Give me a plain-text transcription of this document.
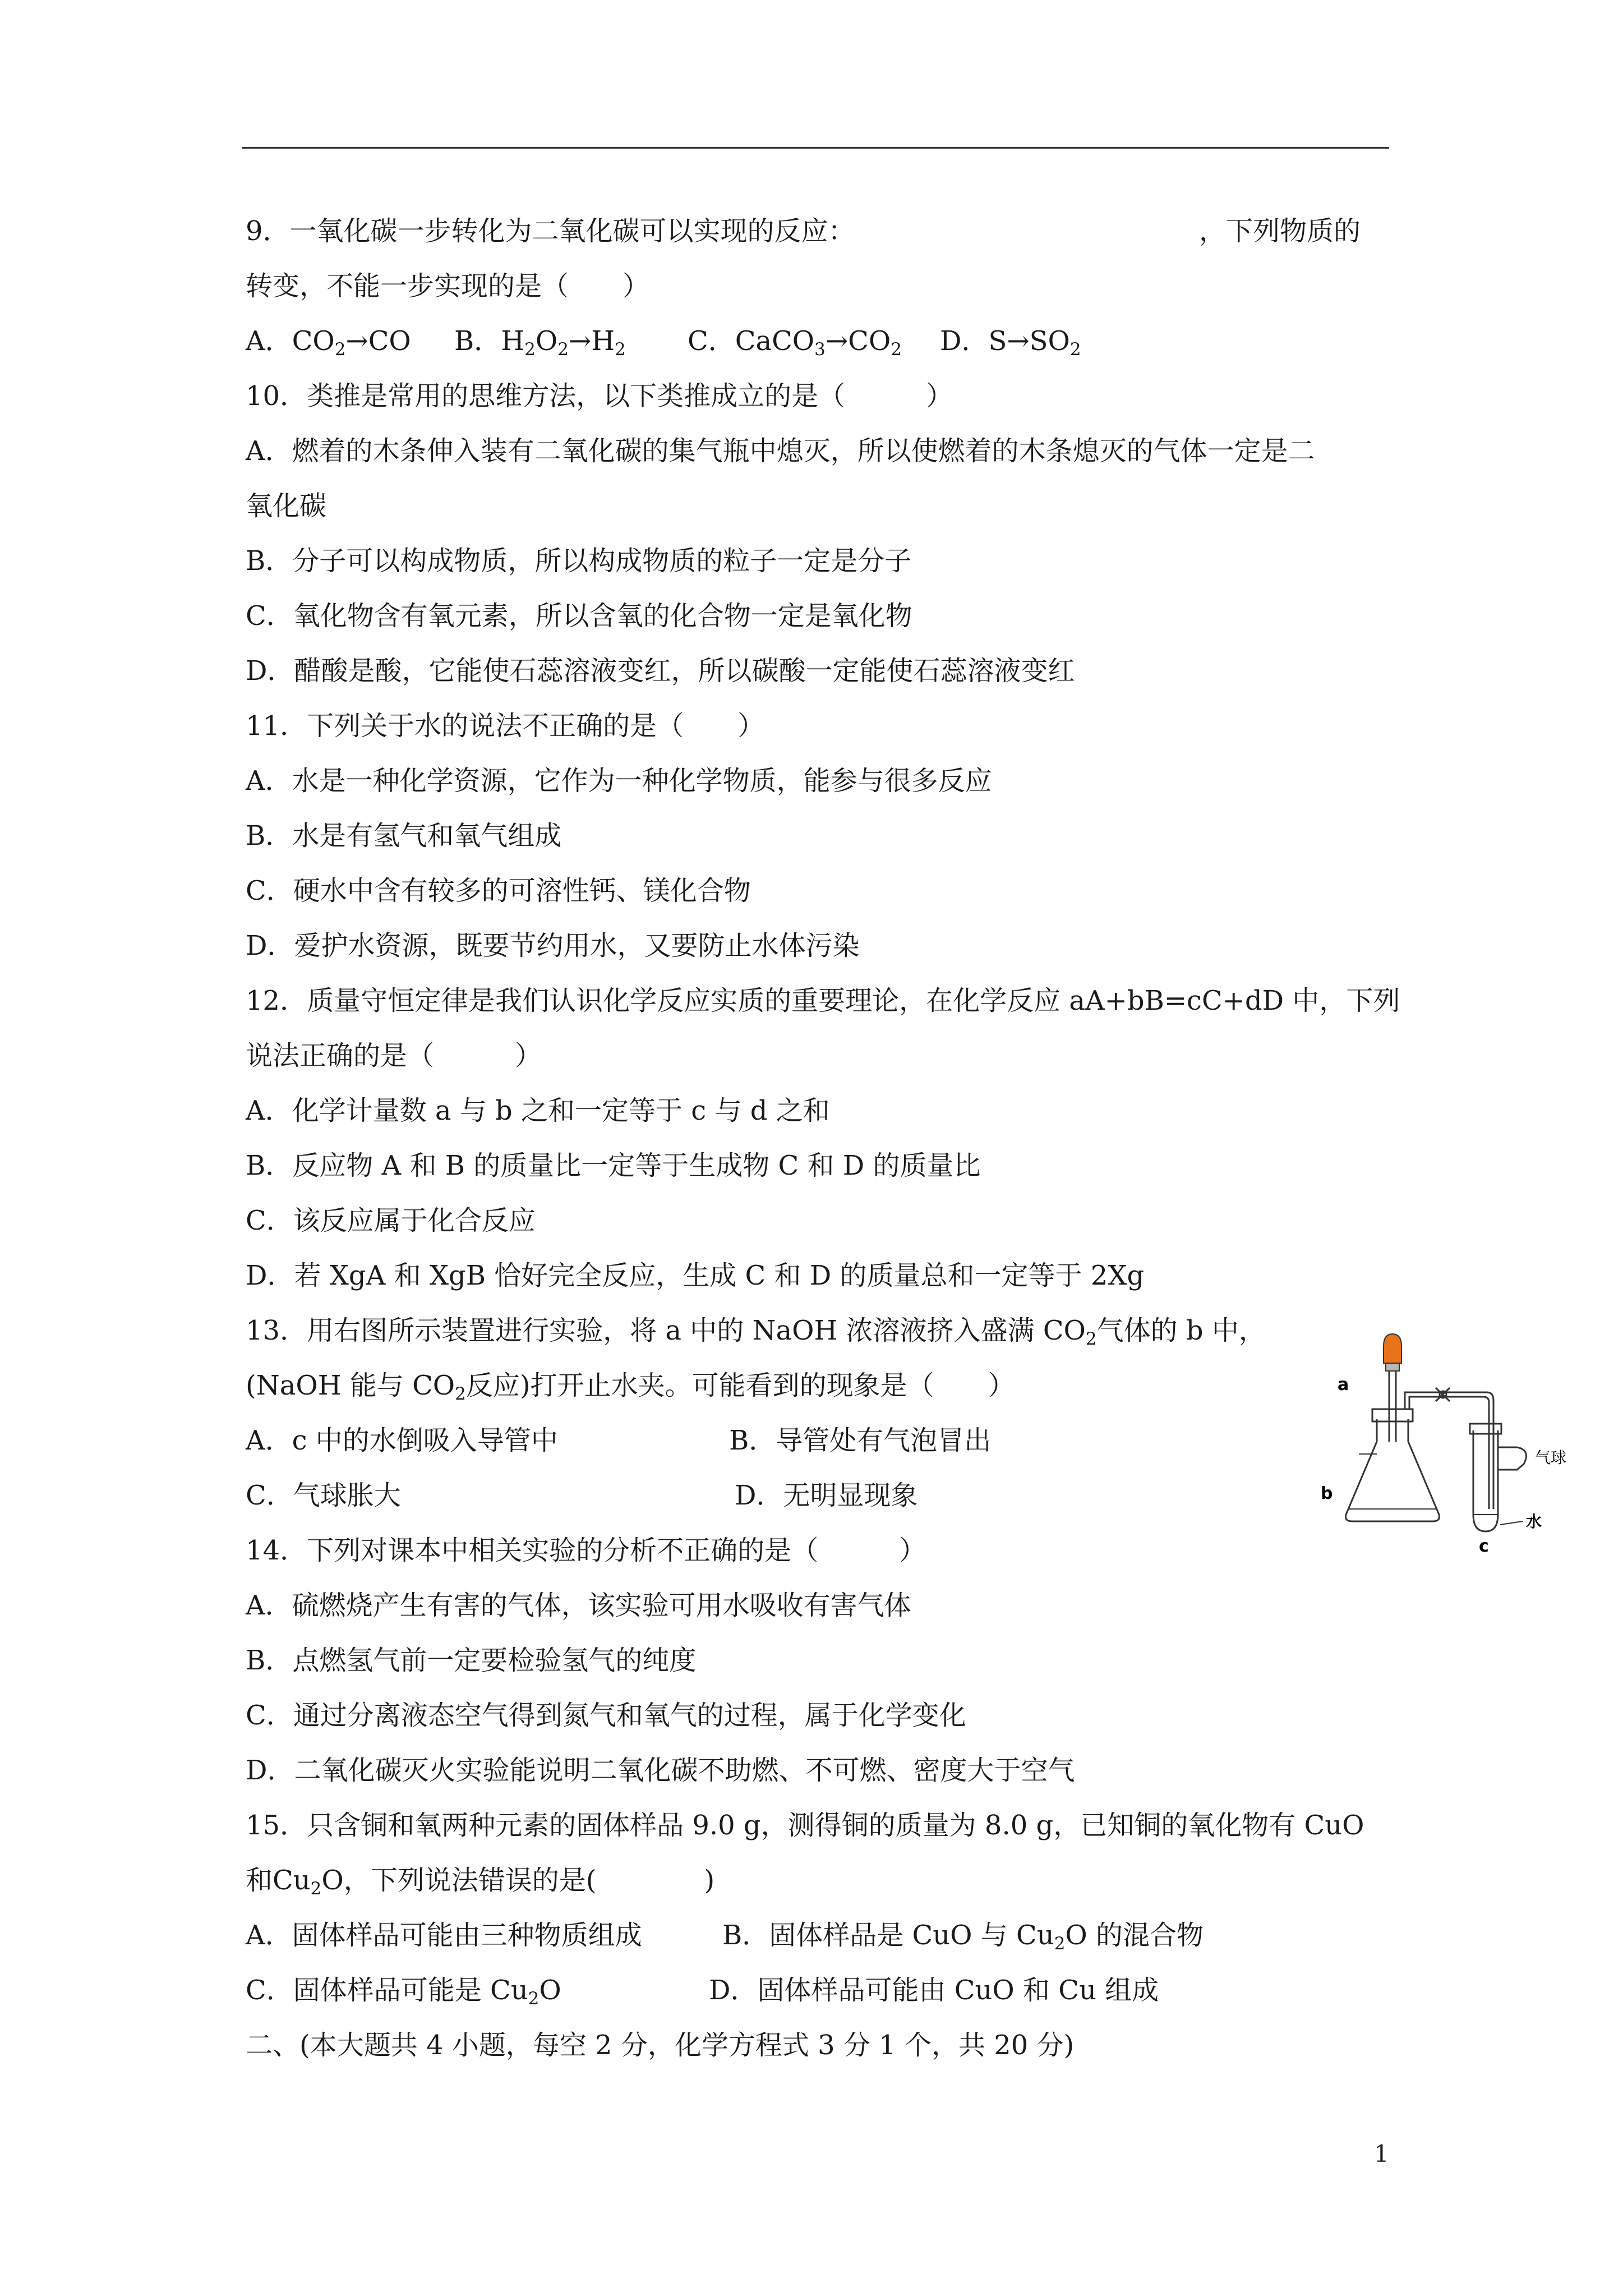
9．一氧化碳一步转化为二氧化碳可以实现的反应：	，下列物质的
转变，不能一步实现的是（　　）
A．$CO_2\to CO$ B．$H_2O_2\to H_2$ C．$CaCO_3\to CO_2$ D．$S\to SO_2$
10．类推是常用的思维方法，以下类推成立的是（　　　）
A．燃着的木条伸入装有二氧化碳的集气瓶中熄灭，所以使燃着的木条熄灭的气体一定是二
氧化碳
B．分子可以构成物质，所以构成物质的粒子一定是分子
C．氧化物含有氧元素，所以含氧的化合物一定是氧化物
D．醋酸是酸，它能使石蕊溶液变红，所以碳酸一定能使石蕊溶液变红
11．下列关于水的说法不正确的是（　　）
A．水是一种化学资源，它作为一种化学物质，能参与很多反应
B．水是有氢气和氧气组成
C．硬水中含有较多的可溶性钙、镁化合物
D．爱护水资源，既要节约用水，又要防止水体污染
12．质量守恒定律是我们认识化学反应实质的重要理论，在化学反应 aA+bB=cC+dD 中，下列
说法正确的是（　　　）
A．化学计量数 a 与 b 之和一定等于 c 与 d 之和
B．反应物 A 和 B 的质量比一定等于生成物 C 和 D 的质量比
C．该反应属于化合反应
D．若 XgA 和 XgB 恰好完全反应，生成 C 和 D 的质量总和一定等于 2Xg
13．用右图所示装置进行实验，将 a 中的 NaOH 浓溶液挤入盛满 $CO_2$气体的 b 中，
(NaOH 能与 $CO_2$反应)打开止水夹。可能看到的现象是（　　）
A．c 中的水倒吸入导管中	B．导管处有气泡冒出
C．气球胀大	D．无明显现象
a
b
c
气球
水
14．下列对课本中相关实验的分析不正确的是（　　　）
A．硫燃烧产生有害的气体，该实验可用水吸收有害气体
B．点燃氢气前一定要检验氢气的纯度
C．通过分离液态空气得到氮气和氧气的过程，属于化学变化
D．二氧化碳灭火实验能说明二氧化碳不助燃、不可燃、密度大于空气
15．只含铜和氧两种元素的固体样品 9.0 g，测得铜的质量为 8.0 g，已知铜的氧化物有 CuO
和$Cu_2O$，下列说法错误的是(　　　　)
A．固体样品可能由三种物质组成	B．固体样品是 CuO 与 $Cu_2O$ 的混合物
C．固体样品可能是 $Cu_2O$	D．固体样品可能由 CuO 和 Cu 组成
二、(本大题共 4 小题，每空 2 分，化学方程式 3 分 1 个，共 20 分)
1
